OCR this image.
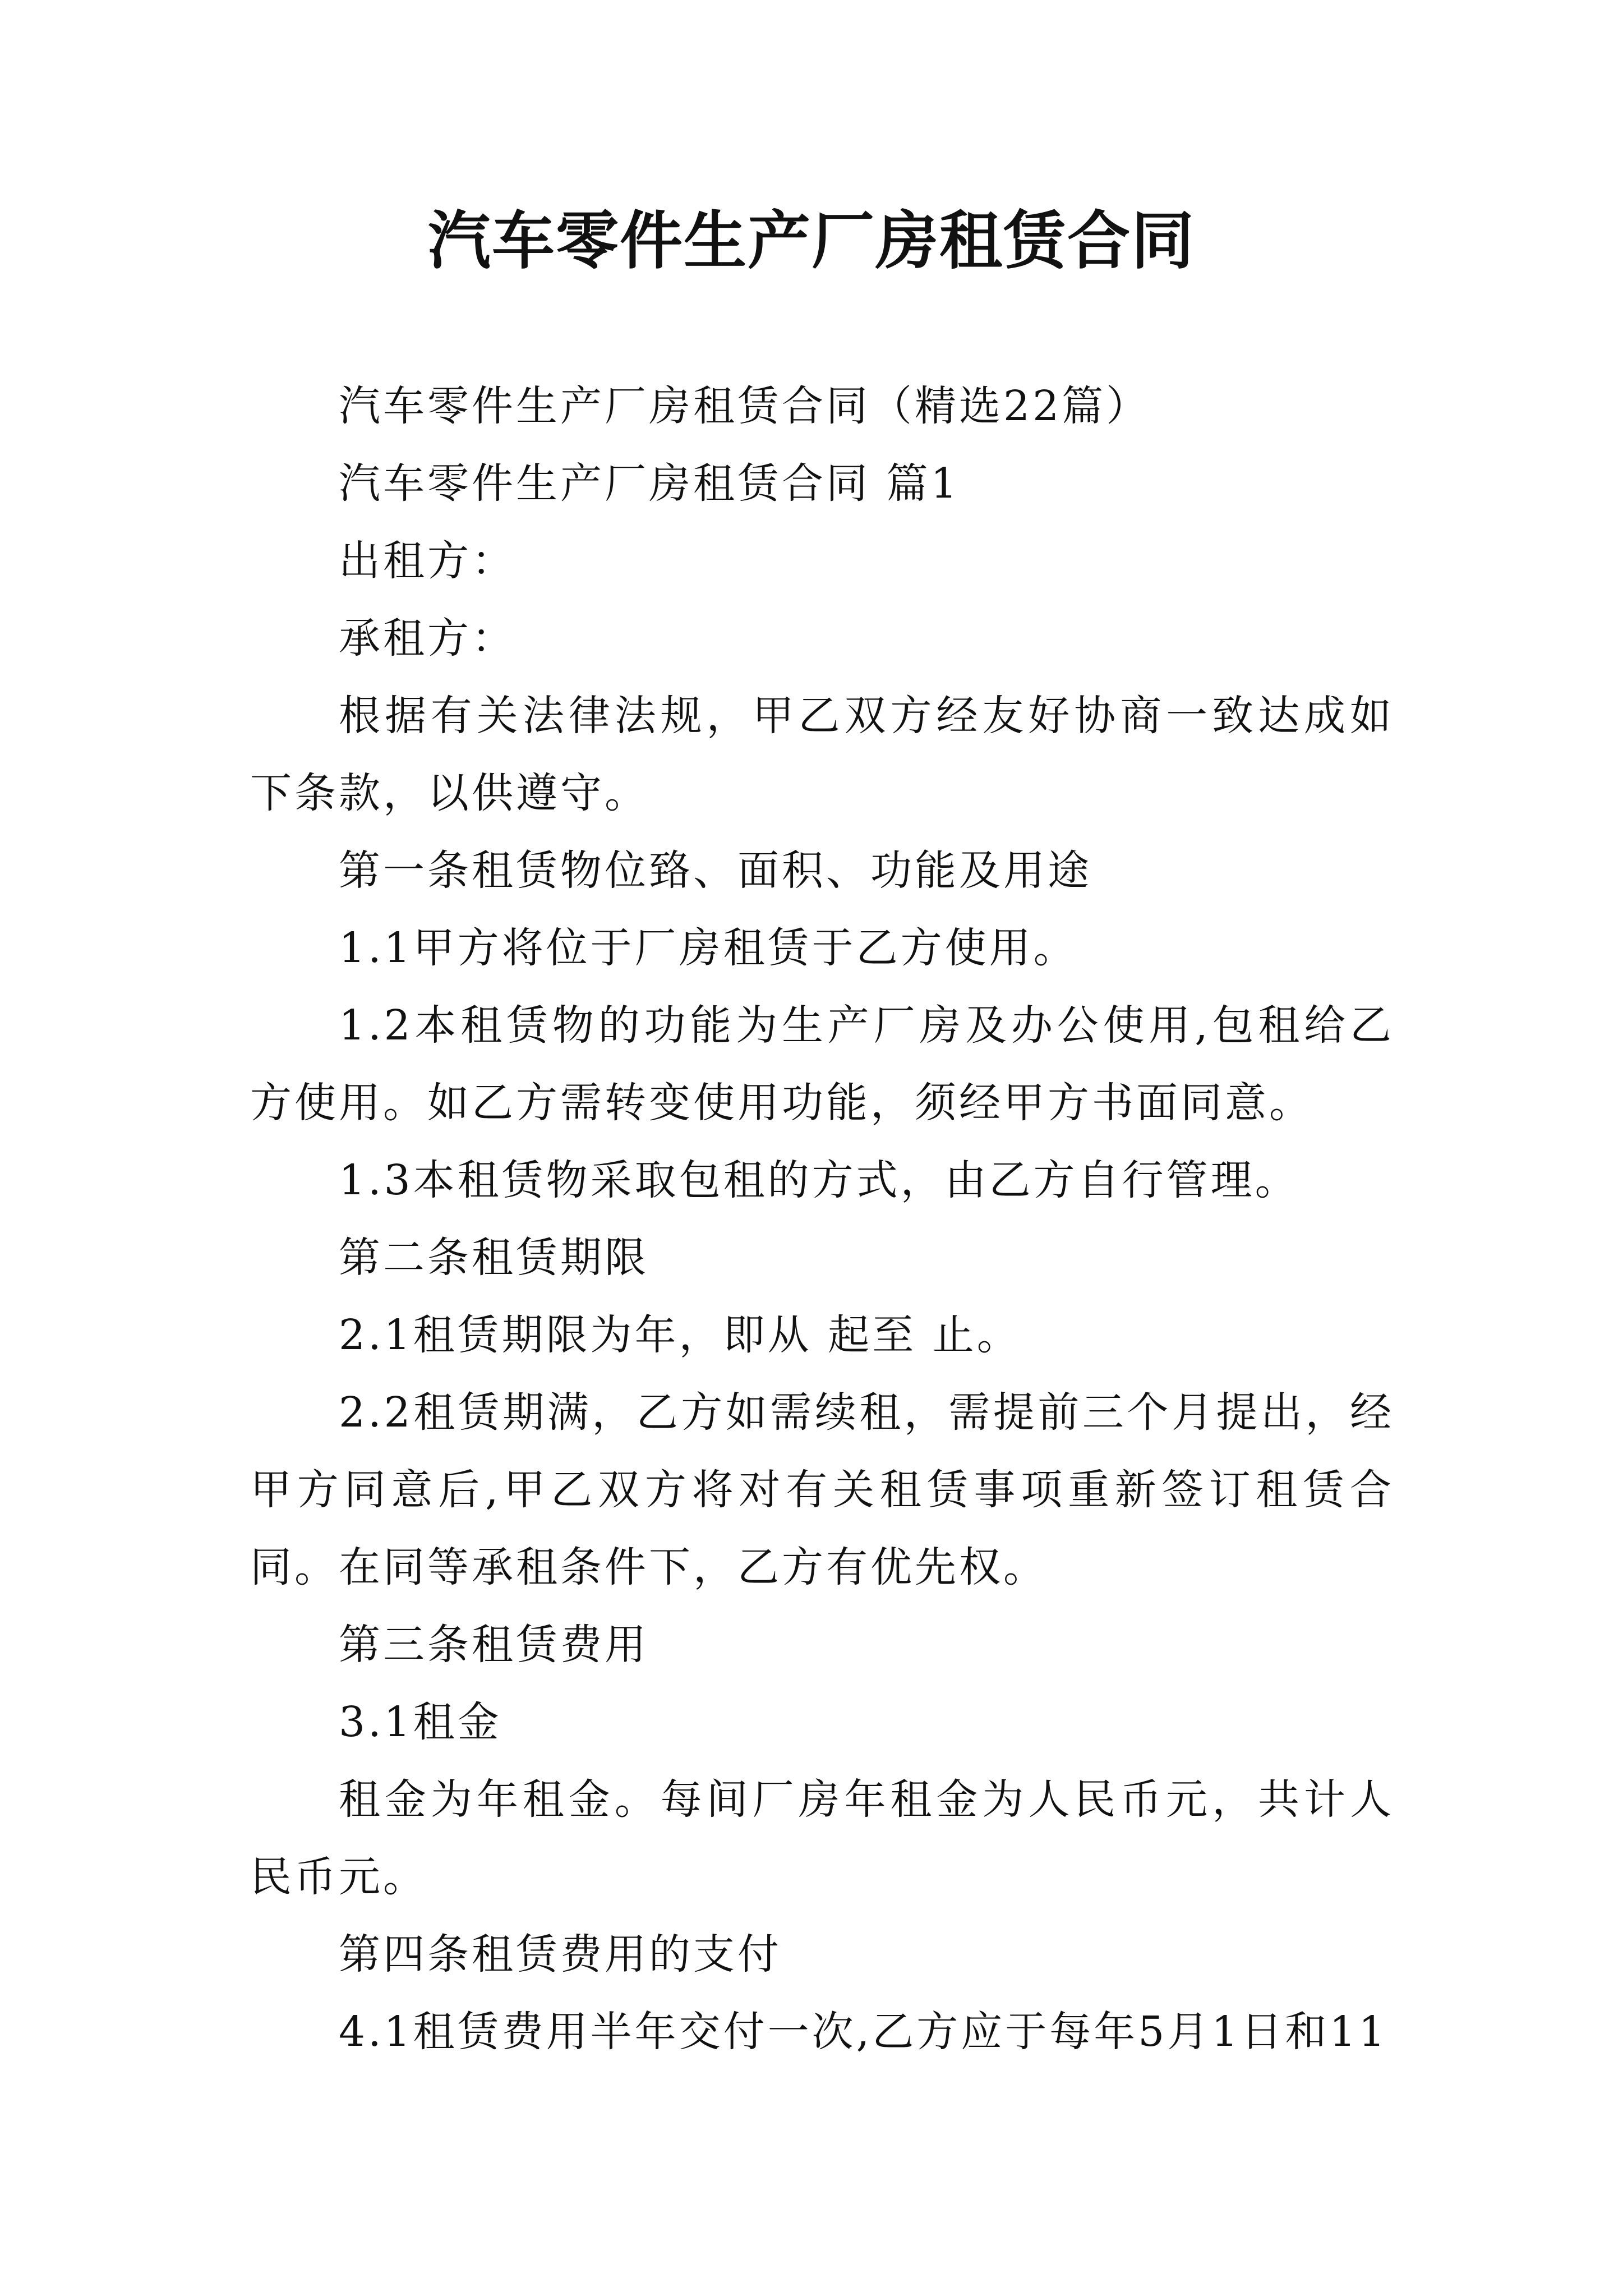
汽车零件生产厂房租赁合同

汽车零件生产厂房租赁合同（精选22篇）

汽车零件生产厂房租赁合同 篇1

出租方：

承租方：

根据有关法律法规，甲乙双方经友好协商一致达成如下条款，以供遵守。

第一条租赁物位臵、面积、功能及用途

1.1甲方将位于厂房租赁于乙方使用。

1.2本租赁物的功能为生产厂房及办公使用,包租给乙方使用。如乙方需转变使用功能，须经甲方书面同意。

1.3本租赁物采取包租的方式，由乙方自行管理。

第二条租赁期限

2.1租赁期限为年，即从 起至 止。

2.2租赁期满，乙方如需续租，需提前三个月提出，经甲方同意后,甲乙双方将对有关租赁事项重新签订租赁合同。在同等承租条件下，乙方有优先权。

第三条租赁费用

3.1租金

租金为年租金。每间厂房年租金为人民币元，共计人民币元。

第四条租赁费用的支付

4.1租赁费用半年交付一次,乙方应于每年5月1日和11
